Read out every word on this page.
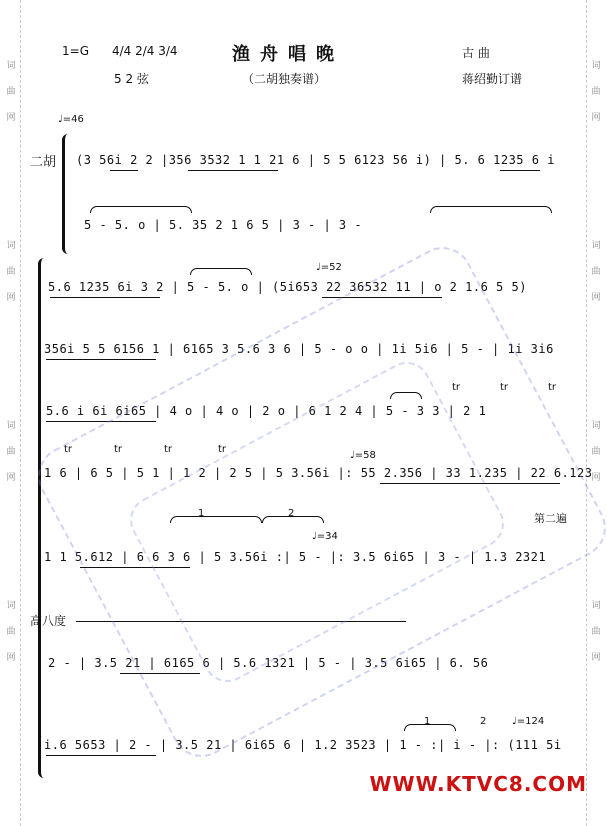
词
曲
网
词
曲
网
词
曲
网
词
曲
网
词
曲
网
词
曲
网
词
曲
网
词
曲
网
1=G 4/4 2/4 3/4	渔舟唱晚	古 曲
5 2 弦	（二胡独奏谱）	蒋绍勤订谱
♩=46
♩=52
♩=58
♩=34
♩=124
二胡 (3 56i 2 2 |356 3532 1 1 21 6 | 5 5 6123 56 i) | 5. 6 1235 6 i
5 - 5. o | 5. 35 2 1 6 5 | 3 - | 3 -
5.6 1235 6i 3 2 | 5 - 5. o | (5i653 22 36532 11 | o 2 1.6 5 5)
356i 5 5 6156 1 | 6165 3 5.6 3 6 | 5 - o o | 1i 5i6 | 5 - | 1i 3i6
5.6 i 6i 6i65 | 4 o | 4 o | 2 o | 6 1 2 4 | 5 - 3 3 | 2 1
1 6 | 6 5 | 5 1 | 1 2 | 2 5 | 5 3.56i |: 55 2.356 | 33 1.235 | 22 6.123
1 1 5.612 | 6 6 3 6 | 5 3.56i :| 5 - |: 3.5 6i65 | 3 - | 1.3 2321
2 - | 3.5 21 | 6165 6 | 5.6 1321 | 5 - | 3.5 6i65 | 6. 56
i.6 5653 | 2 - | 3.5 21 | 6i65 6 | 1.2 3523 | 1 - :| i - |: (111 5i
1	2
1	2
第二遍
高八度
tr	tr	tr
tr	tr	tr	tr
WWW.KTVC8.COM
